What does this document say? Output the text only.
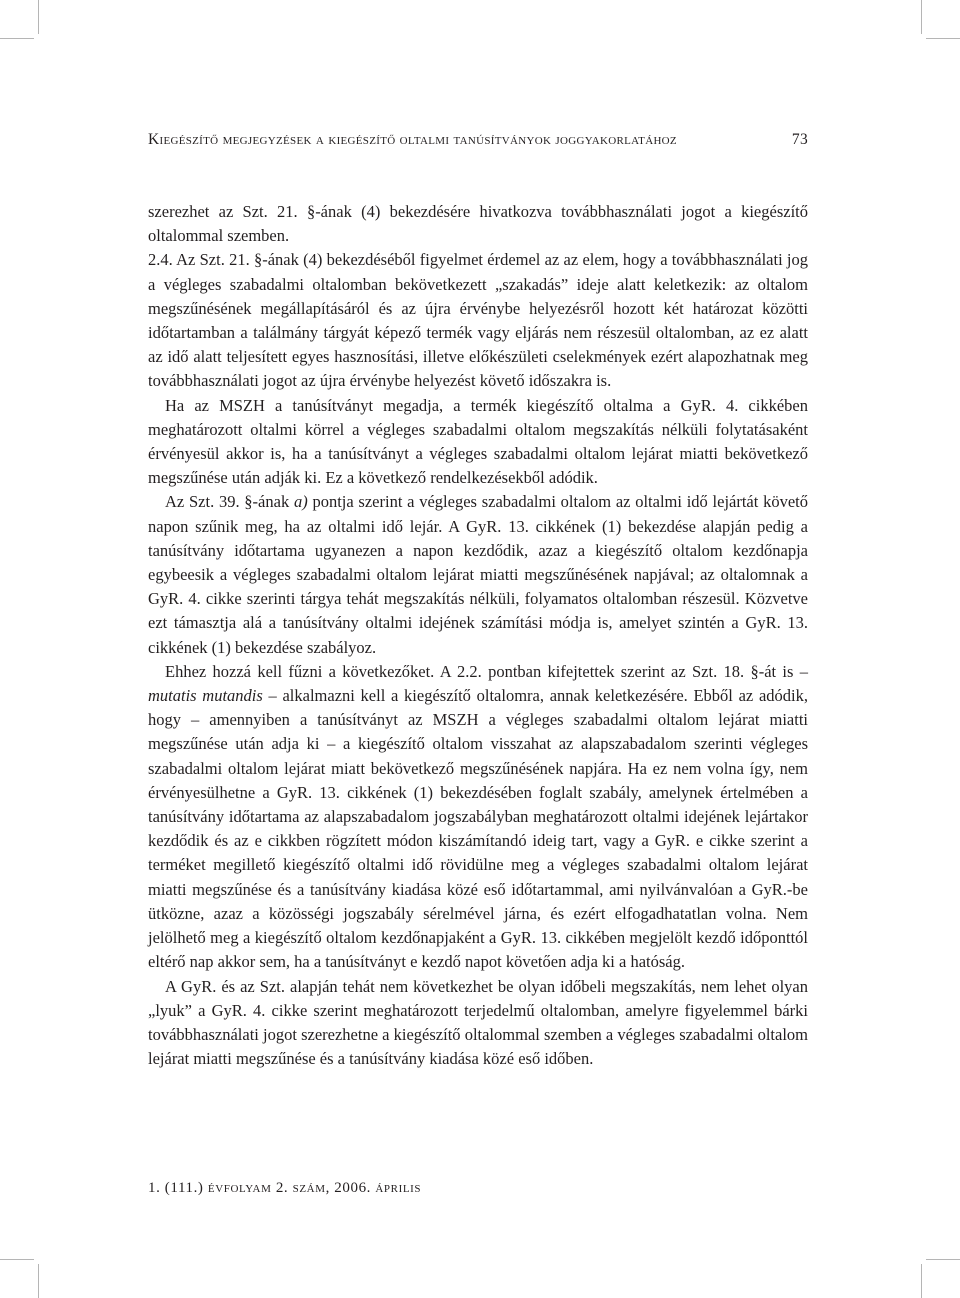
Kiegészítő megjegyzések a kiegészítő oltalmi tanúsítványok joggyakorlatához	73

szerezhet az Szt. 21. §-ának (4) bekezdésére hivatkozva továbbhasználati jogot a kiegészítő oltalommal szemben.

2.4. Az Szt. 21. §-ának (4) bekezdéséből figyelmet érdemel az az elem, hogy a továbbhasználati jog a végleges szabadalmi oltalomban bekövetkezett „szakadás” ideje alatt keletkezik: az oltalom megszűnésének megállapításáról és az újra érvénybe helyezésről hozott két határozat közötti időtartamban a találmány tárgyát képező termék vagy eljárás nem részesül oltalomban, az ez alatt az idő alatt teljesített egyes hasznosítási, illetve előkészületi cselekmények ezért alapozhatnak meg továbbhasználati jogot az újra érvénybe helyezést követő időszakra is.

Ha az MSZH a tanúsítványt megadja, a termék kiegészítő oltalma a GyR. 4. cikkében meghatározott oltalmi körrel a végleges szabadalmi oltalom megszakítás nélküli folytatásaként érvényesül akkor is, ha a tanúsítványt a végleges szabadalmi oltalom lejárat miatti bekövetkező megszűnése után adják ki. Ez a következő rendelkezésekből adódik.

Az Szt. 39. §-ának a) pontja szerint a végleges szabadalmi oltalom az oltalmi idő lejártát követő napon szűnik meg, ha az oltalmi idő lejár. A GyR. 13. cikkének (1) bekezdése alapján pedig a tanúsítvány időtartama ugyanezen a napon kezdődik, azaz a kiegészítő oltalom kezdőnapja egybeesik a végleges szabadalmi oltalom lejárat miatti megszűnésének napjával; az oltalomnak a GyR. 4. cikke szerinti tárgya tehát megszakítás nélküli, folyamatos oltalomban részesül. Közvetve ezt támasztja alá a tanúsítvány oltalmi idejének számítási módja is, amelyet szintén a GyR. 13. cikkének (1) bekezdése szabályoz.

Ehhez hozzá kell fűzni a következőket. A 2.2. pontban kifejtettek szerint az Szt. 18. §-át is – mutatis mutandis – alkalmazni kell a kiegészítő oltalomra, annak keletkezésére. Ebből az adódik, hogy – amennyiben a tanúsítványt az MSZH a végleges szabadalmi oltalom lejárat miatti megszűnése után adja ki – a kiegészítő oltalom visszahat az alapszabadalom szerinti végleges szabadalmi oltalom lejárat miatt bekövetkező megszűnésének napjára. Ha ez nem volna így, nem érvényesülhetne a GyR. 13. cikkének (1) bekezdésében foglalt szabály, amelynek értelmében a tanúsítvány időtartama az alapszabadalom jogszabályban meghatározott oltalmi idejének lejártakor kezdődik és az e cikkben rögzített módon kiszámítandó ideig tart, vagy a GyR. e cikke szerint a terméket megillető kiegészítő oltalmi idő rövidülne meg a végleges szabadalmi oltalom lejárat miatti megszűnése és a tanúsítvány kiadása közé eső időtartammal, ami nyilvánvalóan a GyR.-be ütközne, azaz a közösségi jogszabály sérelmével járna, és ezért elfogadhatatlan volna. Nem jelölhető meg a kiegészítő oltalom kezdőnapjaként a GyR. 13. cikkében megjelölt kezdő időponttól eltérő nap akkor sem, ha a tanúsítványt e kezdő napot követően adja ki a hatóság.

A GyR. és az Szt. alapján tehát nem következhet be olyan időbeli megszakítás, nem lehet olyan „lyuk” a GyR. 4. cikke szerint meghatározott terjedelmű oltalomban, amelyre figyelemmel bárki továbbhasználati jogot szerezhetne a kiegészítő oltalommal szemben a végleges szabadalmi oltalom lejárat miatti megszűnése és a tanúsítvány kiadása közé eső időben.

1. (111.) évfolyam 2. szám, 2006. április
